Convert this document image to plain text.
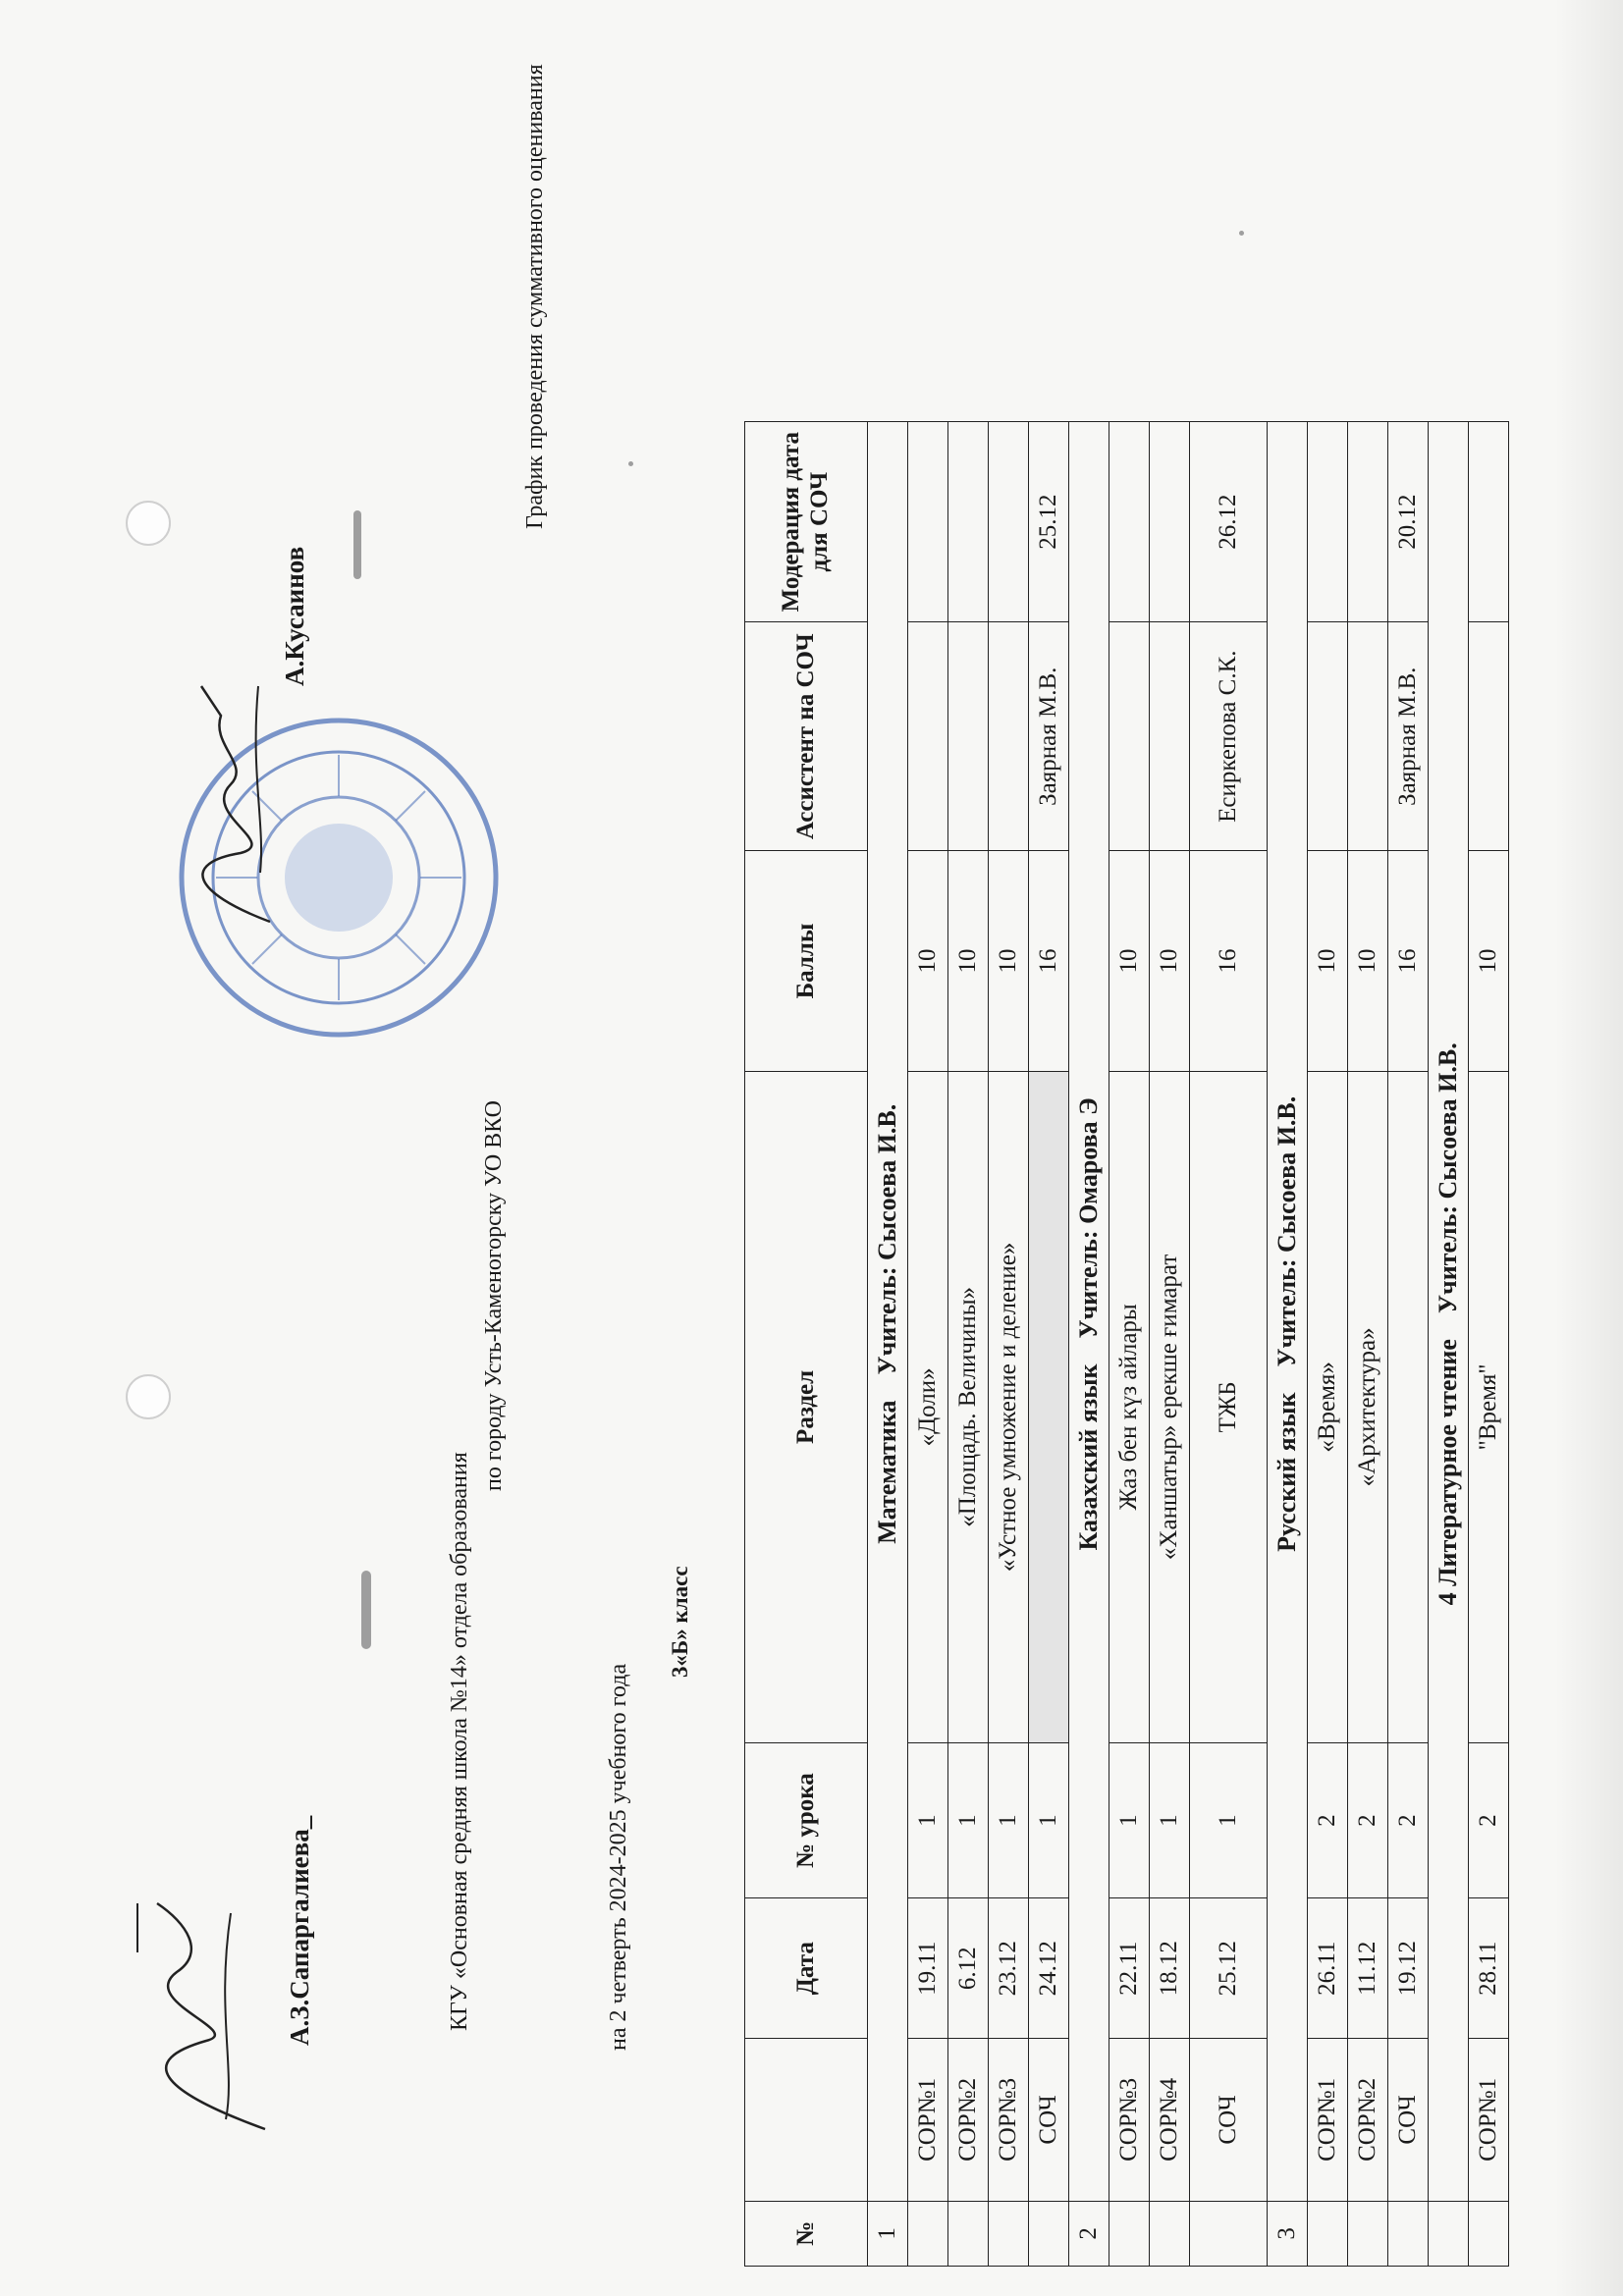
А.З.Сапаргалиева_
А.Кусаинов
КГУ «Основная средняя школа №14» отдела образования
по городу Усть-Каменогорску УО ВКО
График проведения суммативного оценивания
на 2 четверть 2024-2025 учебного года
3«Б» класс
№		Дата	№ урока	Раздел	Баллы	Ассистент на СОЧ	Модерация дата для СОЧ
1	МатематикаУчитель: Сысоева И.В.						
	СОР№1	19.11	1	«Доли»	10		
	СОР№2	6.12	1	«Площадь. Величины»	10		
	СОР№3	23.12	1	«Устное умножение и деление»	10		
	СОЧ	24.12	1		16	Заярная М.В.	25.12
2	Казахский языкУчитель: Омарова Э						
	СОР№3	22.11	1	Жаз бен күз айлары	10		
	СОР№4	18.12	1	«Ханшатыр» ерекше ғимарат	10		
	СОЧ	25.12	1	ТЖБ	16	Есиркепова С.К.	26.12
3	Русский языкУчитель: Сысоева И.В.						
	СОР№1	26.11	2	«Время»	10		
	СОР№2	11.12	2	«Архитектура»	10		
	СОЧ	19.12	2		16	Заярная М.В.	20.12
	4 Литературное чтениеУчитель: Сысоева И.В.						
	СОР№1	28.11	2	"Время"	10		
